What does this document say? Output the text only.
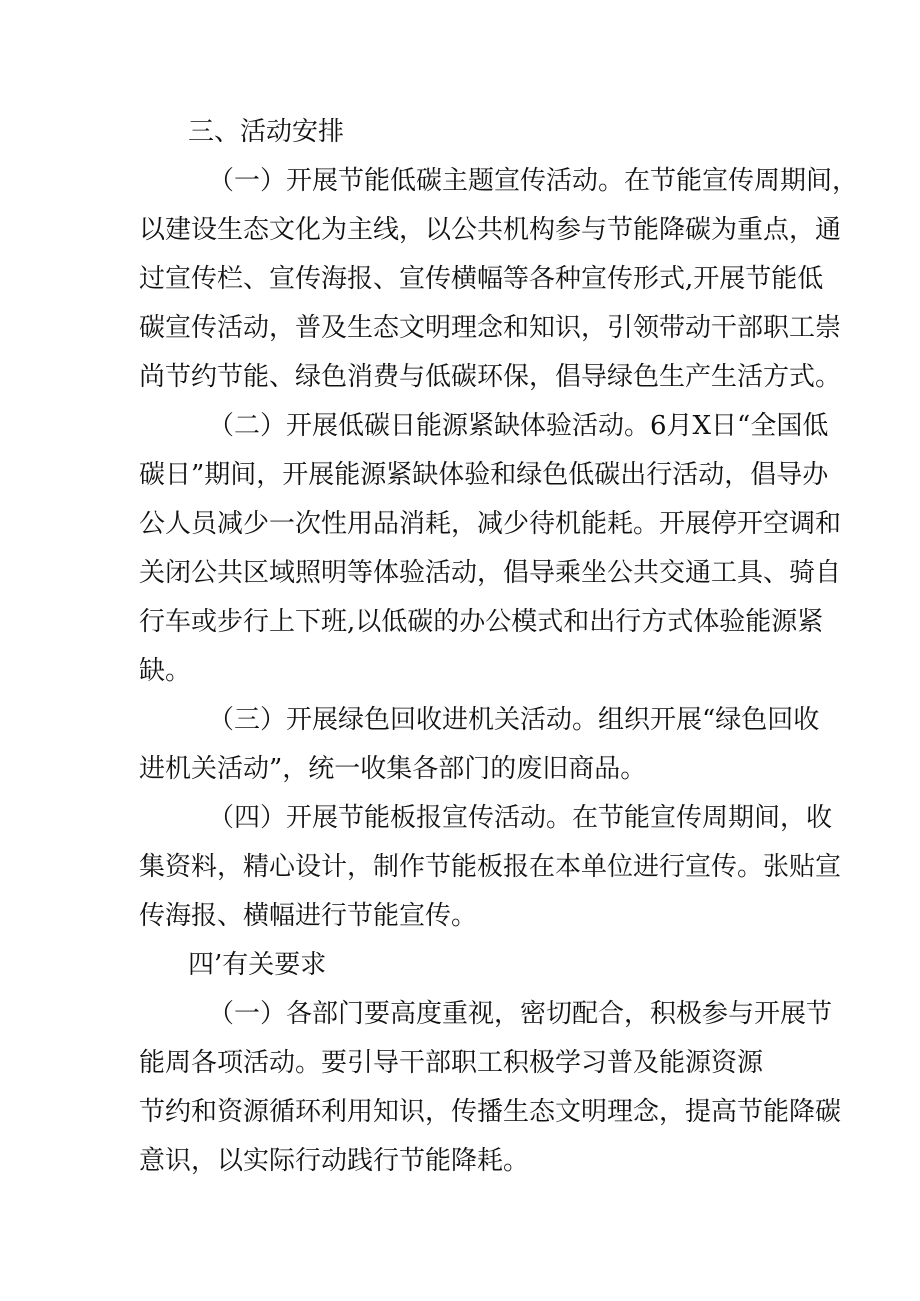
三、活动安排
（一）开展节能低碳主题宣传活动。在节能宣传周期间，
以建设生态文化为主线，以公共机构参与节能降碳为重点，通
过宣传栏、宣传海报、宣传横幅等各种宣传形式,开展节能低
碳宣传活动，普及生态文明理念和知识，引领带动干部职工崇
尚节约节能、绿色消费与低碳环保，倡导绿色生产生活方式。
（二）开展低碳日能源紧缺体验活动。6月X日“全国低
碳日”期间，开展能源紧缺体验和绿色低碳出行活动，倡导办
公人员减少一次性用品消耗，减少待机能耗。开展停开空调和
关闭公共区域照明等体验活动，倡导乘坐公共交通工具、骑自
行车或步行上下班,以低碳的办公模式和出行方式体验能源紧
缺。
（三）开展绿色回收进机关活动。组织开展“绿色回收
进机关活动”，统一收集各部门的废旧商品。
（四）开展节能板报宣传活动。在节能宣传周期间，收
集资料，精心设计，制作节能板报在本单位进行宣传。张贴宣
传海报、横幅进行节能宣传。
四’有关要求
（一）各部门要高度重视，密切配合，积极参与开展节
能周各项活动。要引导干部职工积极学习普及能源资源
节约和资源循环利用知识，传播生态文明理念，提高节能降碳
意识，以实际行动践行节能降耗。
